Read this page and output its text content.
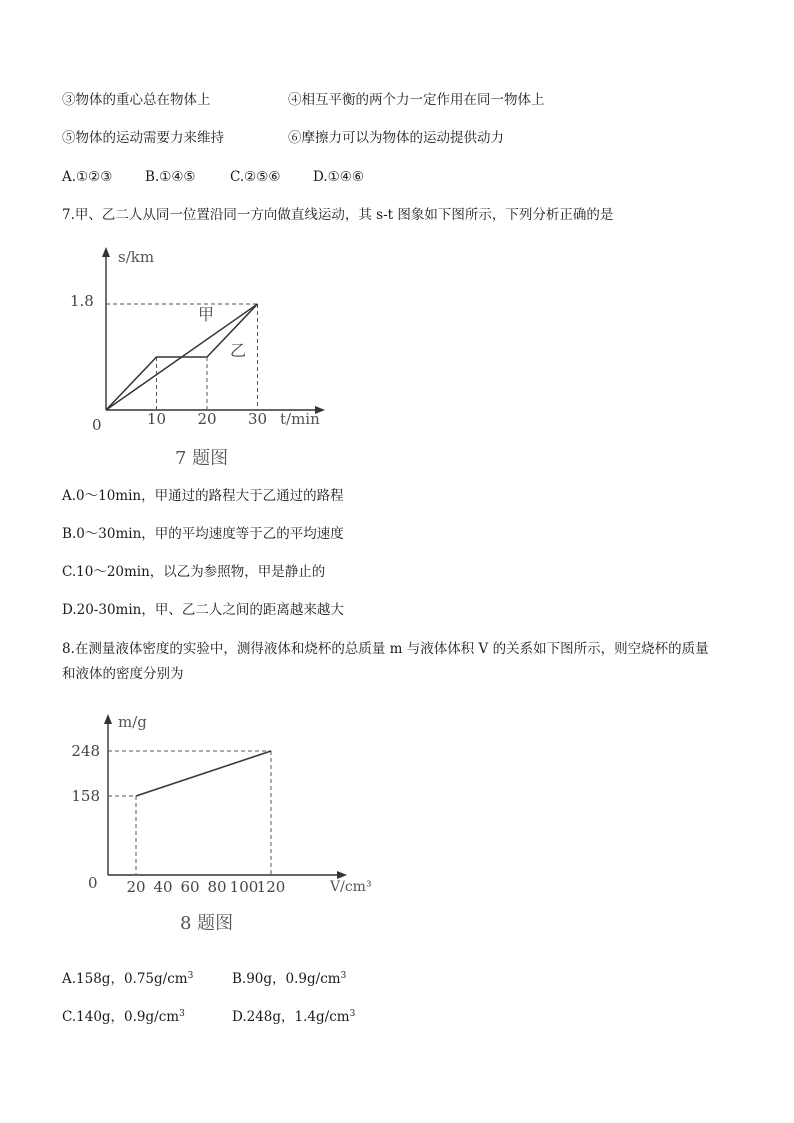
③物体的重心总在物体上	④相互平衡的两个力一定作用在同一物体上
⑤物体的运动需要力来维持	⑥摩擦力可以为物体的运动提供动力
A.①②③ B.①④⑤	C.②⑤⑥ D.①④⑥
7.甲、乙二人从同一位置沿同一方向做直线运动，其 s-t 图象如下图所示，下列分析正确的是
s/km
t/min
1.8
甲
乙
0	10 20 30
7 题图
A.0～10min，甲通过的路程大于乙通过的路程
B.0～30min，甲的平均速度等于乙的平均速度
C.10～20min，以乙为参照物，甲是静止的
D.20-30min，甲、乙二人之间的距离越来越大
8.在测量液体密度的实验中，测得液体和烧杯的总质量 m 与液体体积 V 的关系如下图所示，则空烧杯的质量
和液体的密度分别为
m/g
V/cm³
0
158
248
20 40 60 80 100
120
8 题图
A.158g，$0.75g/cm^3$	B.90g，$0.9g/cm^3$
C.140g，$0.9g/cm^3$	D.248g，$1.4g/cm^3$
